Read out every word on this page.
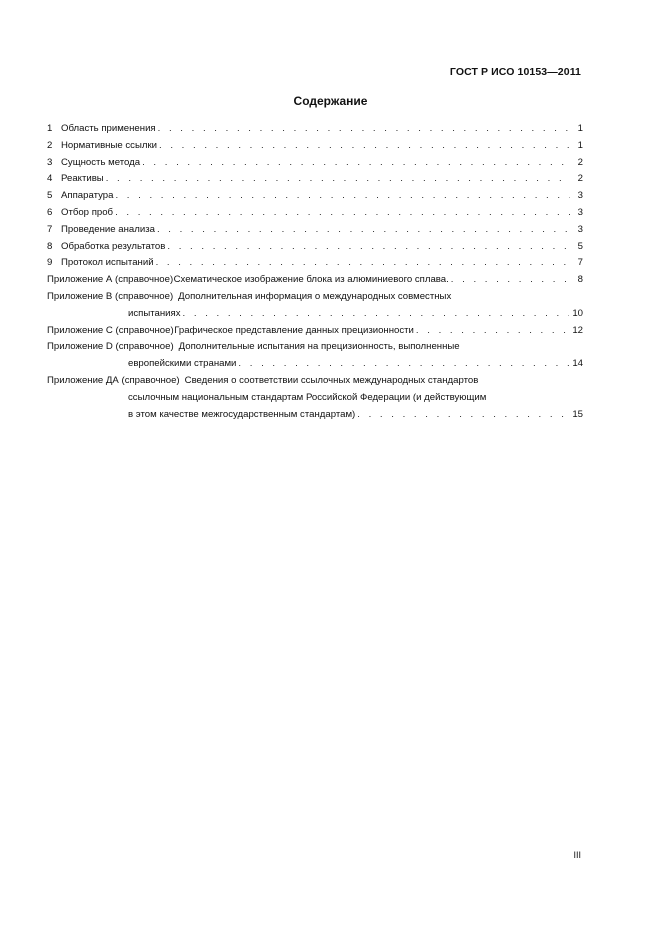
ГОСТ Р ИСО 10153—2011
Содержание
1 Область применения . . .	1
2 Нормативные ссылки . . .	1
3 Сущность метода . . .	2
4 Реактивы . . .	2
5 Аппаратура . . .	3
6 Отбор проб . . .	3
7 Проведение анализа . . .	3
8 Обработка результатов . . .	5
9 Протокол испытаний . . .	7
Приложение А (справочное) Схематическое изображение блока из алюминиевого сплава. . . .	8
Приложение В (справочное) Дополнительная информация о международных совместных
испытаниях . . .	10
Приложение С (справочное) Графическое представление данных прецизионности . . .	12
Приложение D (справочное) Дополнительные испытания на прецизионность, выполненные
европейскими странами . . .	14
Приложение ДА (справочное) Сведения о соответствии ссылочных международных стандартов
ссылочным национальным стандартам Российской Федерации (и действующим
в этом качестве межгосударственным стандартам) . . .	15
III
